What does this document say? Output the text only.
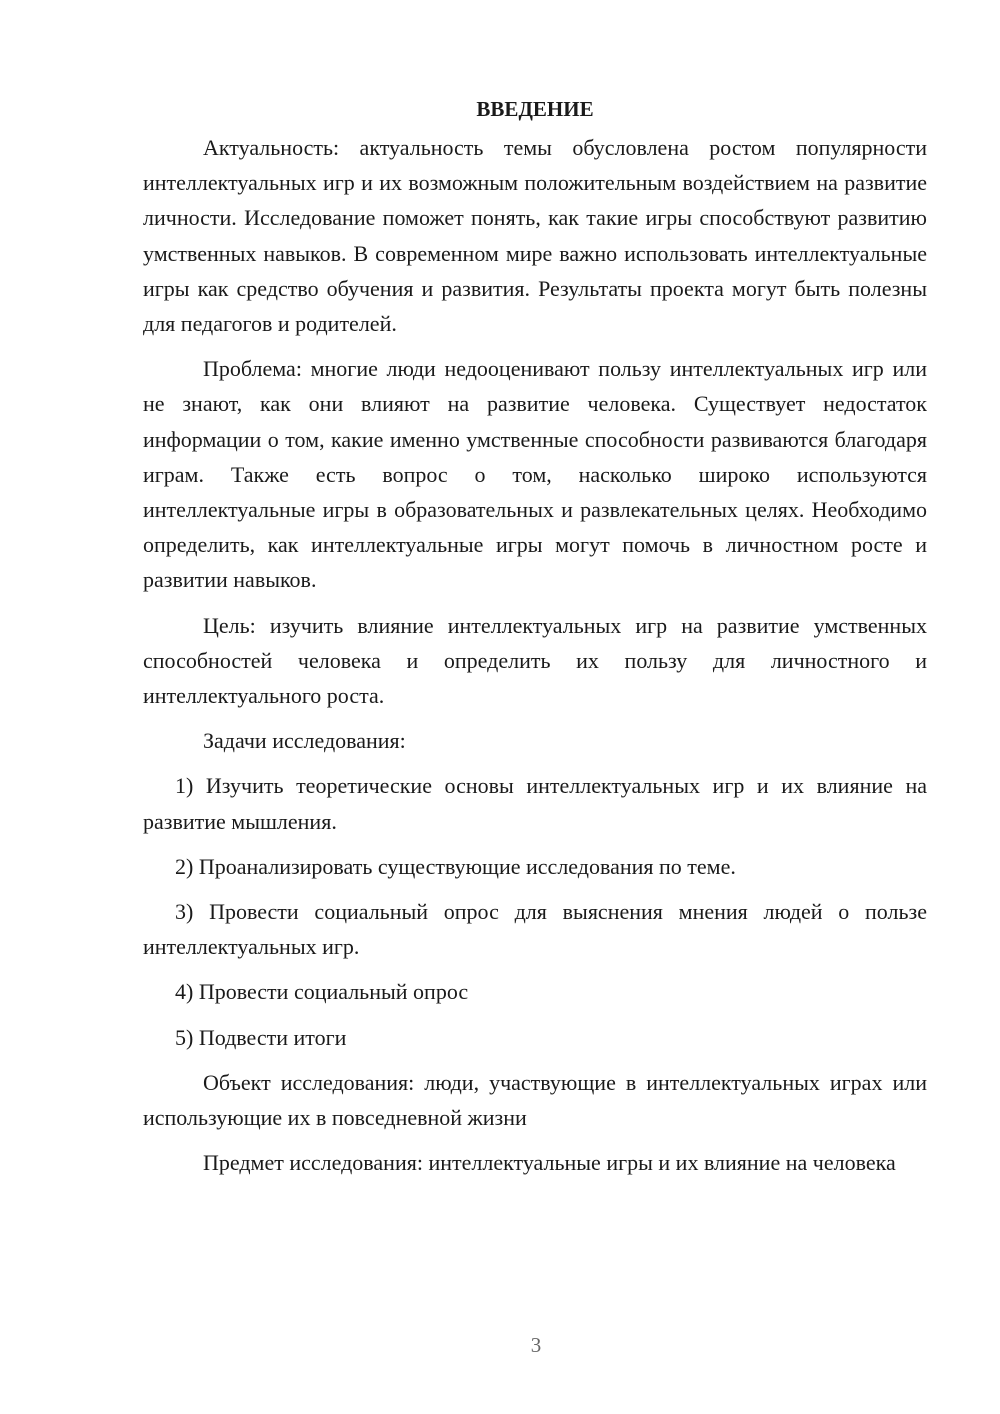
ВВЕДЕНИЕ

Актуальность: актуальность темы обусловлена ростом популярности интеллектуальных игр и их возможным положительным воздействием на развитие личности. Исследование поможет понять, как такие игры способствуют развитию умственных навыков. В современном мире важно использовать интеллектуальные игры как средство обучения и развития. Результаты проекта могут быть полезны для педагогов и родителей.

Проблема: многие люди недооценивают пользу интеллектуальных игр или не знают, как они влияют на развитие человека. Существует недостаток информации о том, какие именно умственные способности развиваются благодаря играм. Также есть вопрос о том, насколько широко используются интеллектуальные игры в образовательных и развлекательных целях. Необходимо определить, как интеллектуальные игры могут помочь в личностном росте и развитии навыков.

Цель: изучить влияние интеллектуальных игр на развитие умственных способностей человека и определить их пользу для личностного и интеллектуального роста.

Задачи исследования:

1) Изучить теоретические основы интеллектуальных игр и их влияние на развитие мышления.

2) Проанализировать существующие исследования по теме.

3) Провести социальный опрос для выяснения мнения людей о пользе интеллектуальных игр.

4) Провести социальный опрос

5) Подвести итоги

Объект исследования: люди, участвующие в интеллектуальных играх или использующие их в повседневной жизни

Предмет исследования: интеллектуальные игры и их влияние на человека

3
